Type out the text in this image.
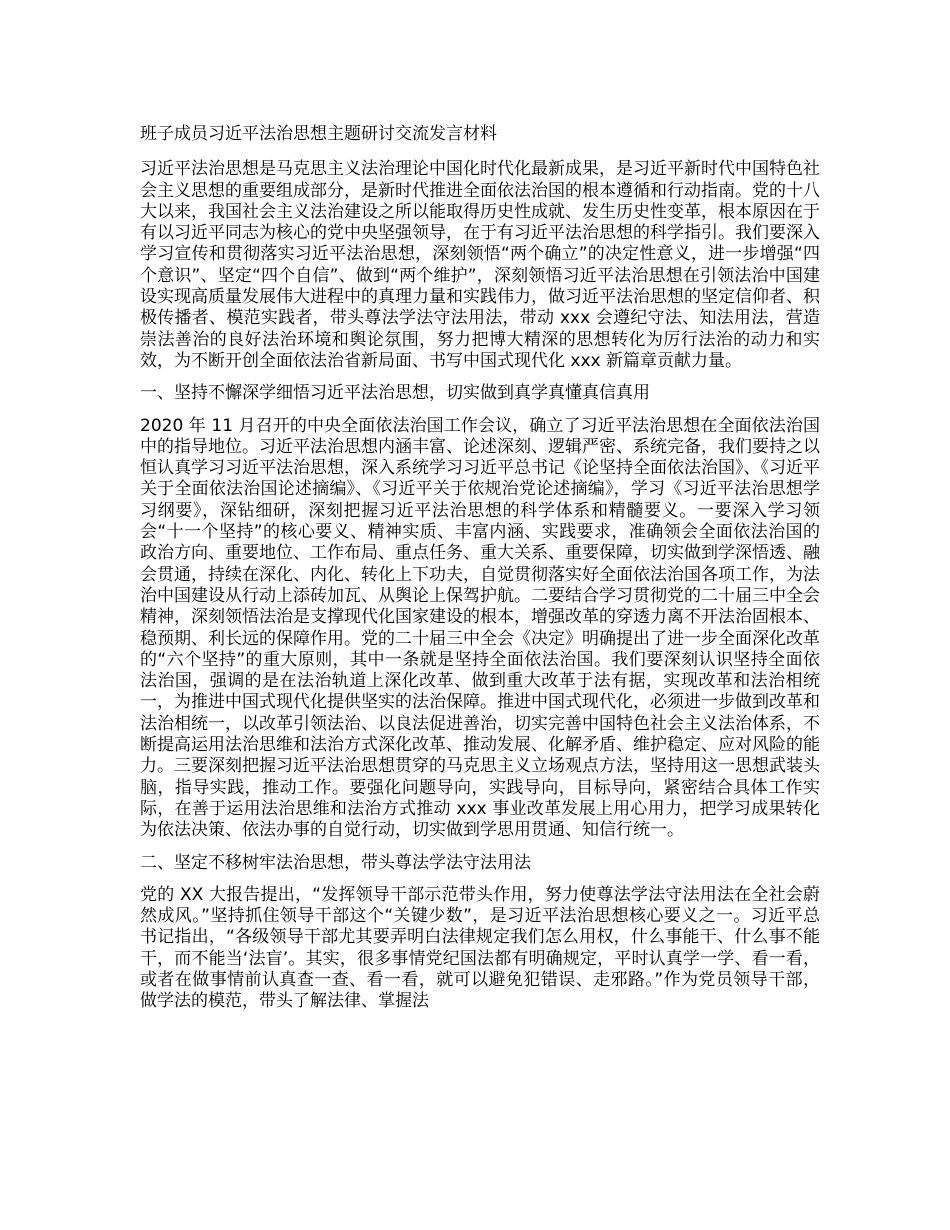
班子成员习近平法治思想主题研讨交流发言材料
习近平法治思想是马克思主义法治理论中国化时代化最新成果，是习近平新时代中国特色社会主义思想的重要组成部分，是新时代推进全面依法治国的根本遵循和行动指南。党的十八大以来，我国社会主义法治建设之所以能取得历史性成就、发生历史性变革，根本原因在于有以习近平同志为核心的党中央坚强领导，在于有习近平法治思想的科学指引。我们要深入学习宣传和贯彻落实习近平法治思想，深刻领悟“两个确立”的决定性意义，进一步增强“四个意识”、坚定“四个自信”、做到“两个维护”，深刻领悟习近平法治思想在引领法治中国建设实现高质量发展伟大进程中的真理力量和实践伟力，做习近平法治思想的坚定信仰者、积极传播者、模范实践者，带头尊法学法守法用法，带动 xxx 会遵纪守法、知法用法，营造崇法善治的良好法治环境和舆论氛围，努力把博大精深的思想转化为厉行法治的动力和实效，为不断开创全面依法治省新局面、书写中国式现代化 xxx 新篇章贡献力量。
一、坚持不懈深学细悟习近平法治思想，切实做到真学真懂真信真用
2020 年 11 月召开的中央全面依法治国工作会议，确立了习近平法治思想在全面依法治国中的指导地位。习近平法治思想内涵丰富、论述深刻、逻辑严密、系统完备，我们要持之以恒认真学习习近平法治思想，深入系统学习习近平总书记《论坚持全面依法治国》、《习近平关于全面依法治国论述摘编》、《习近平关于依规治党论述摘编》，学习《习近平法治思想学习纲要》，深钻细研，深刻把握习近平法治思想的科学体系和精髓要义。一要深入学习领会“十一个坚持”的核心要义、精神实质、丰富内涵、实践要求，准确领会全面依法治国的政治方向、重要地位、工作布局、重点任务、重大关系、重要保障，切实做到学深悟透、融会贯通，持续在深化、内化、转化上下功夫，自觉贯彻落实好全面依法治国各项工作，为法治中国建设从行动上添砖加瓦、从舆论上保驾护航。二要结合学习贯彻党的二十届三中全会精神，深刻领悟法治是支撑现代化国家建设的根本，增强改革的穿透力离不开法治固根本、稳预期、利长远的保障作用。党的二十届三中全会《决定》明确提出了进一步全面深化改革的“六个坚持”的重大原则，其中一条就是坚持全面依法治国。我们要深刻认识坚持全面依法治国，强调的是在法治轨道上深化改革、做到重大改革于法有据，实现改革和法治相统一，为推进中国式现代化提供坚实的法治保障。推进中国式现代化，必须进一步做到改革和法治相统一，以改革引领法治、以良法促进善治，切实完善中国特色社会主义法治体系，不断提高运用法治思维和法治方式深化改革、推动发展、化解矛盾、维护稳定、应对风险的能力。三要深刻把握习近平法治思想贯穿的马克思主义立场观点方法，坚持用这一思想武装头脑，指导实践，推动工作。要强化问题导向，实践导向，目标导向，紧密结合具体工作实际，在善于运用法治思维和法治方式推动 xxx 事业改革发展上用心用力，把学习成果转化为依法决策、依法办事的自觉行动，切实做到学思用贯通、知信行统一。
二、坚定不移树牢法治思想，带头尊法学法守法用法
党的 XX 大报告提出，“发挥领导干部示范带头作用，努力使尊法学法守法用法在全社会蔚然成风。”坚持抓住领导干部这个“关键少数”，是习近平法治思想核心要义之一。习近平总书记指出，“各级领导干部尤其要弄明白法律规定我们怎么用权，什么事能干、什么事不能干，而不能当‘法盲’。其实，很多事情党纪国法都有明确规定，平时认真学一学、看一看，或者在做事情前认真查一查、看一看，就可以避免犯错误、走邪路。”作为党员领导干部，做学法的模范，带头了解法律、掌握法
